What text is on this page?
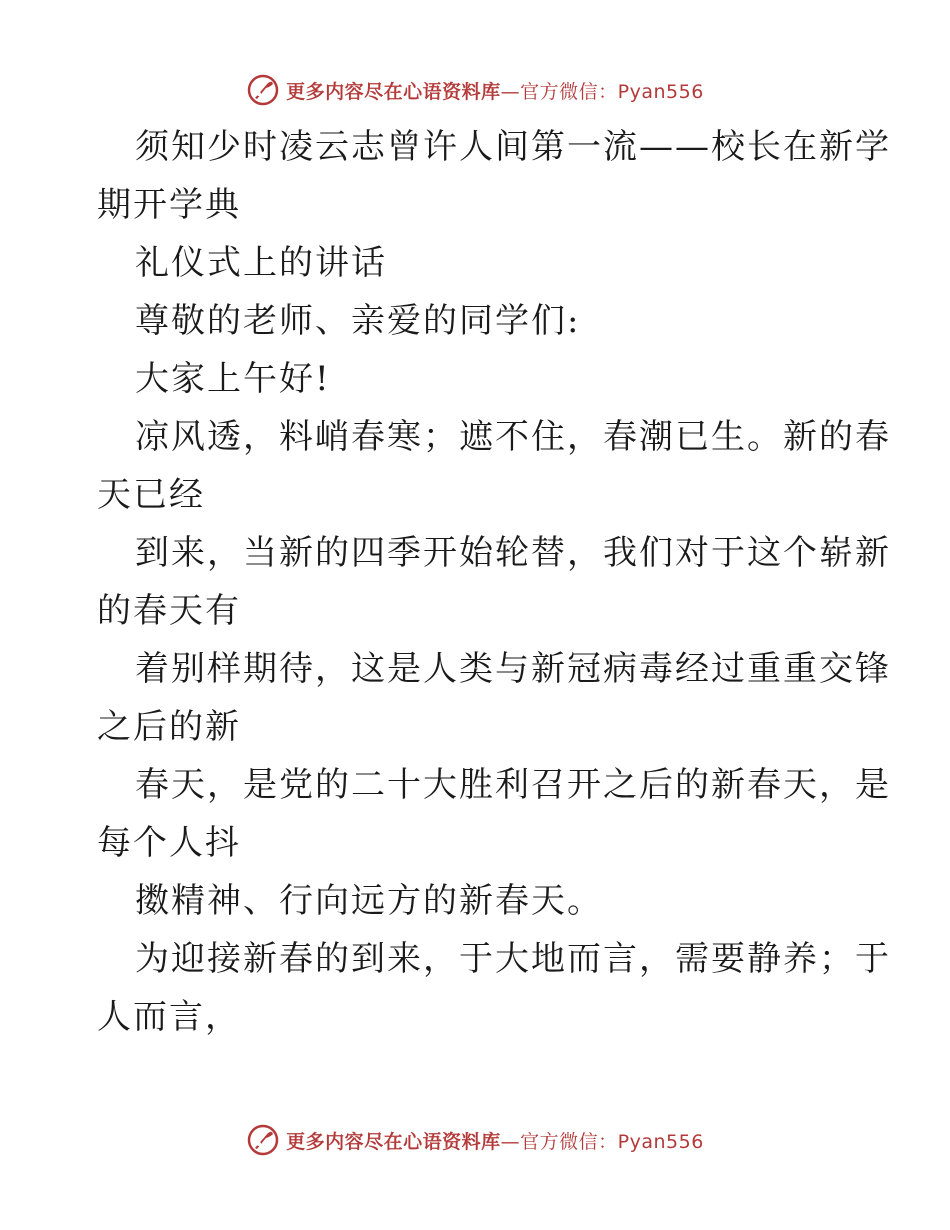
更多内容尽在心语资料库—官方微信：Pyan556
须知少时凌云志曾许人间第一流——校长在新学
期开学典
礼仪式上的讲话
尊敬的老师、亲爱的同学们:
大家上午好!
凉风透，料峭春寒；遮不住，春潮已生。新的春
天已经
到来，当新的四季开始轮替，我们对于这个崭新
的春天有
着别样期待，这是人类与新冠病毒经过重重交锋
之后的新
春天，是党的二十大胜利召开之后的新春天，是
每个人抖
擞精神、行向远方的新春天。
为迎接新春的到来，于大地而言，需要静养；于
人而言，
更多内容尽在心语资料库—官方微信：Pyan556
